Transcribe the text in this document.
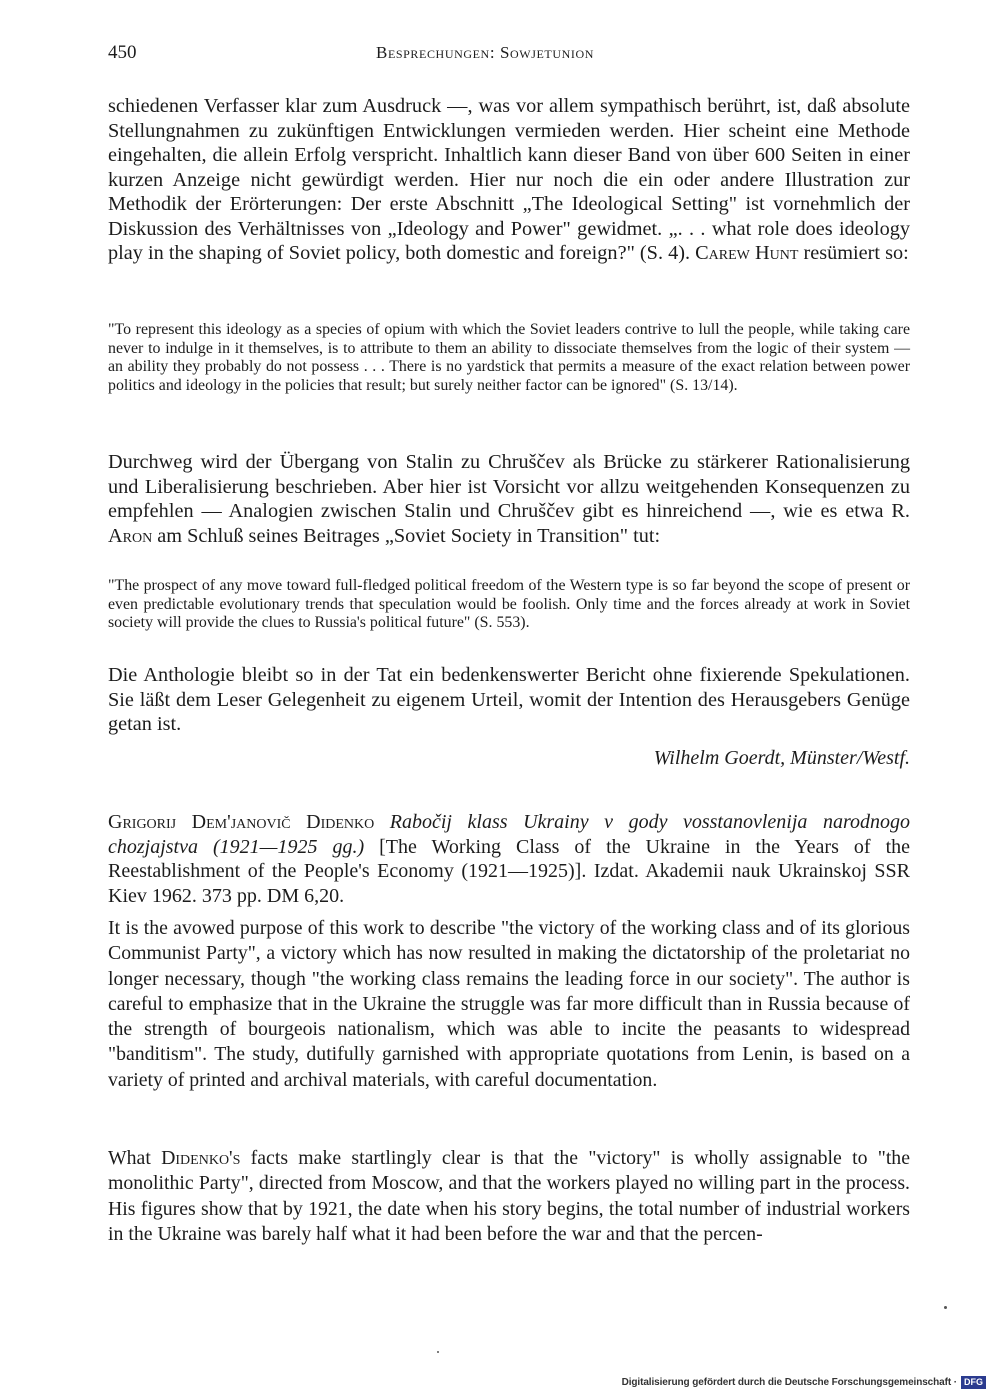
450	Besprechungen: Sowjetunion

schiedenen Verfasser klar zum Ausdruck —, was vor allem sympathisch berührt, ist, daß absolute Stellungnahmen zu zukünftigen Entwicklungen vermieden werden. Hier scheint eine Methode eingehalten, die allein Erfolg verspricht. Inhaltlich kann dieser Band von über 600 Seiten in einer kurzen Anzeige nicht gewürdigt werden. Hier nur noch die ein oder andere Illustration zur Methodik der Erörterungen: Der erste Abschnitt „The Ideological Setting" ist vornehmlich der Diskussion des Verhältnisses von „Ideology and Power" gewidmet. „. . . what role does ideology play in the shaping of Soviet policy, both domestic and foreign?" (S. 4). Carew Hunt resümiert so:

"To represent this ideology as a species of opium with which the Soviet leaders contrive to lull the people, while taking care never to indulge in it themselves, is to attribute to them an ability to dissociate themselves from the logic of their system — an ability they probably do not possess . . . There is no yardstick that permits a measure of the exact relation between power politics and ideology in the policies that result; but surely neither factor can be ignored" (S. 13/14).

Durchweg wird der Übergang von Stalin zu Chruščev als Brücke zu stärkerer Rationalisierung und Liberalisierung beschrieben. Aber hier ist Vorsicht vor allzu weitgehenden Konsequenzen zu empfehlen — Analogien zwischen Stalin und Chruščev gibt es hinreichend —, wie es etwa R. Aron am Schluß seines Beitrages „Soviet Society in Transition" tut:

"The prospect of any move toward full-fledged political freedom of the Western type is so far beyond the scope of present or even predictable evolutionary trends that speculation would be foolish. Only time and the forces already at work in Soviet society will provide the clues to Russia's political future" (S. 553).

Die Anthologie bleibt so in der Tat ein bedenkenswerter Bericht ohne fixierende Spekulationen. Sie läßt dem Leser Gelegenheit zu eigenem Urteil, womit der Intention des Herausgebers Genüge getan ist.

Wilhelm Goerdt, Münster/Westf.

Grigorij Dem'janovič Didenko Rabočij klass Ukrainy v gody vosstanovlenija narodnogo chozjajstva (1921—1925 gg.) [The Working Class of the Ukraine in the Years of the Reestablishment of the People's Economy (1921—1925)]. Izdat. Akademii nauk Ukrainskoj SSR Kiev 1962. 373 pp. DM 6,20.

It is the avowed purpose of this work to describe "the victory of the working class and of its glorious Communist Party", a victory which has now resulted in making the dictatorship of the proletariat no longer necessary, though "the working class remains the leading force in our society". The author is careful to emphasize that in the Ukraine the struggle was far more difficult than in Russia because of the strength of bourgeois nationalism, which was able to incite the peasants to widespread "banditism". The study, dutifully garnished with appropriate quotations from Lenin, is based on a variety of printed and archival materials, with careful documentation.

What Didenko's facts make startlingly clear is that the "victory" is wholly assignable to "the monolithic Party", directed from Moscow, and that the workers played no willing part in the process. His figures show that by 1921, the date when his story begins, the total number of industrial workers in the Ukraine was barely half what it had been before the war and that the percen-

Digitalisierung gefördert durch die Deutsche Forschungsgemeinschaft · DFG
